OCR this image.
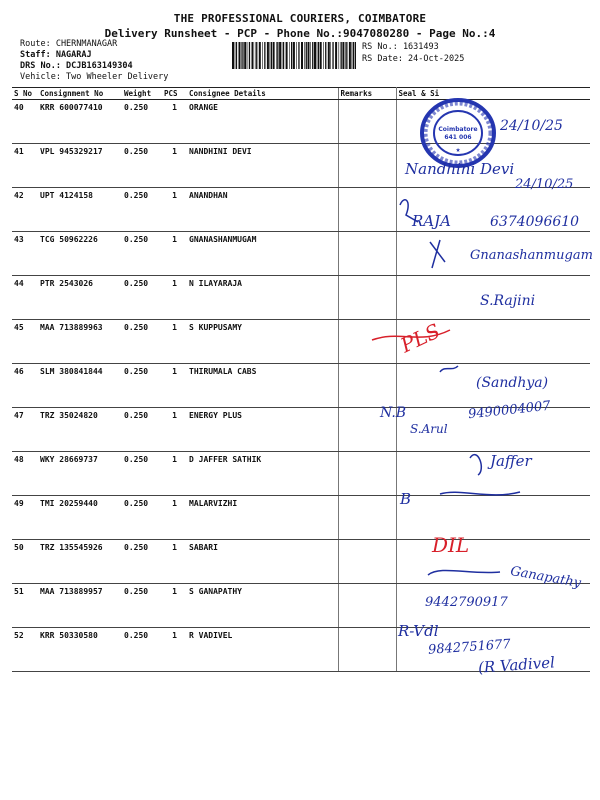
THE PROFESSIONAL COURIERS, COIMBATORE
Delivery Runsheet - PCP - Phone No.:9047080280 - Page No.:4
Route: CHERNMANAGAR
Staff: NAGARAJ
DRS No.: DCJB163149304
Vehicle: Two Wheeler Delivery
RS No.: 1631493
RS Date: 24-Oct-2025
S No	Consignment No	Weight	PCS	Consignee Details	Remarks	Seal & Si
40	KRR 600077410	0.250	1	ORANGE		
41	VPL 945329217	0.250	1	NANDHINI DEVI		
42	UPT 4124158	0.250	1	ANANDHAN		
43	TCG 50962226	0.250	1	GNANASHANMUGAM		
44	PTR 2543026	0.250	1	N ILAYARAJA		
45	MAA 713889963	0.250	1	S KUPPUSAMY		
46	SLM 380841844	0.250	1	THIRUMALA CABS		
47	TRZ 35024820	0.250	1	ENERGY PLUS		
48	WKY 28669737	0.250	1	D JAFFER SATHIK		
49	TMI 20259440	0.250	1	MALARVIZHI		
50	TRZ 135545926	0.250	1	SABARI		
51	MAA 713889957	0.250	1	S GANAPATHY		
52	KRR 50330580	0.250	1	R VADIVEL		
Coimbatore
641 006
★
24/10/25
Nandhini Devi
24/10/25
RAJA	6374096610
Gnanashanmugam
S.Rajini
PLS
(Sandhya)
N.B	9490004007
S.Arul
Jaffer
B
DIL
Ganapathy
9442790917
R-Vdl
9842751677
(R Vadivel
